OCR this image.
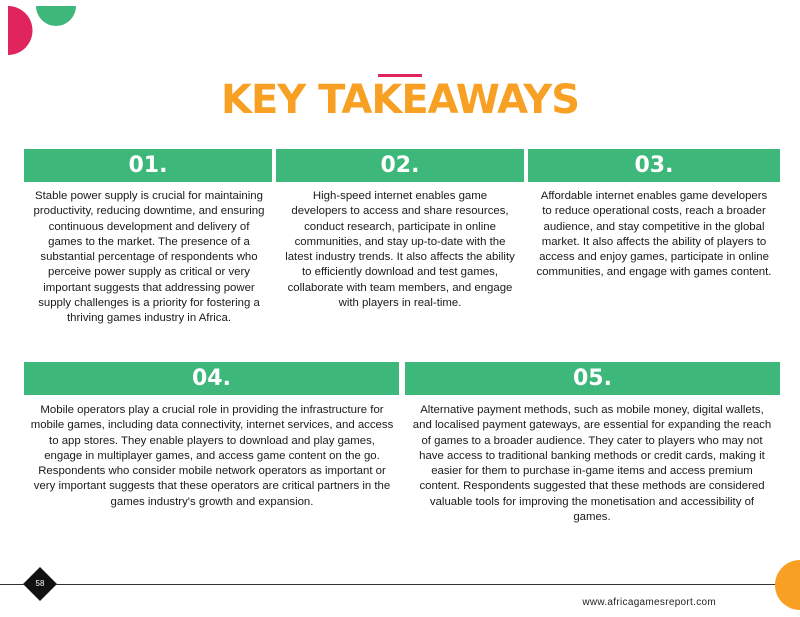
KEY TAKEAWAYS
01.	02.	03.
Stable power supply is crucial for maintaining productivity, reducing downtime, and ensuring continuous development and delivery of games to the market. The presence of a substantial percentage of respondents who perceive power supply as critical or very important suggests that addressing power supply challenges is a priority for fostering a thriving games industry in Africa.
High-speed internet enables game developers to access and share resources, conduct research, participate in online communities, and stay up-to-date with the latest industry trends. It also affects the ability to efficiently download and test games, collaborate with team members, and engage with players in real-time.
Affordable internet enables game developers to reduce operational costs, reach a broader audience, and stay competitive in the global market. It also affects the ability of players to access and enjoy games, participate in online communities, and engage with games content.
04.	05.
Mobile operators play a crucial role in providing the infrastructure for mobile games, including data connectivity, internet services, and access to app stores. They enable players to download and play games, engage in multiplayer games, and access game content on the go. Respondents who consider mobile network operators as important or very important suggests that these operators are critical partners in the games industry's growth and expansion.
Alternative payment methods, such as mobile money, digital wallets, and localised payment gateways, are essential for expanding the reach of games to a broader audience. They cater to players who may not have access to traditional banking methods or credit cards, making it easier for them to purchase in-game items and access premium content. Respondents suggested that these methods are considered valuable tools for improving the monetisation and accessibility of games.
58
www.africagamesreport.com
